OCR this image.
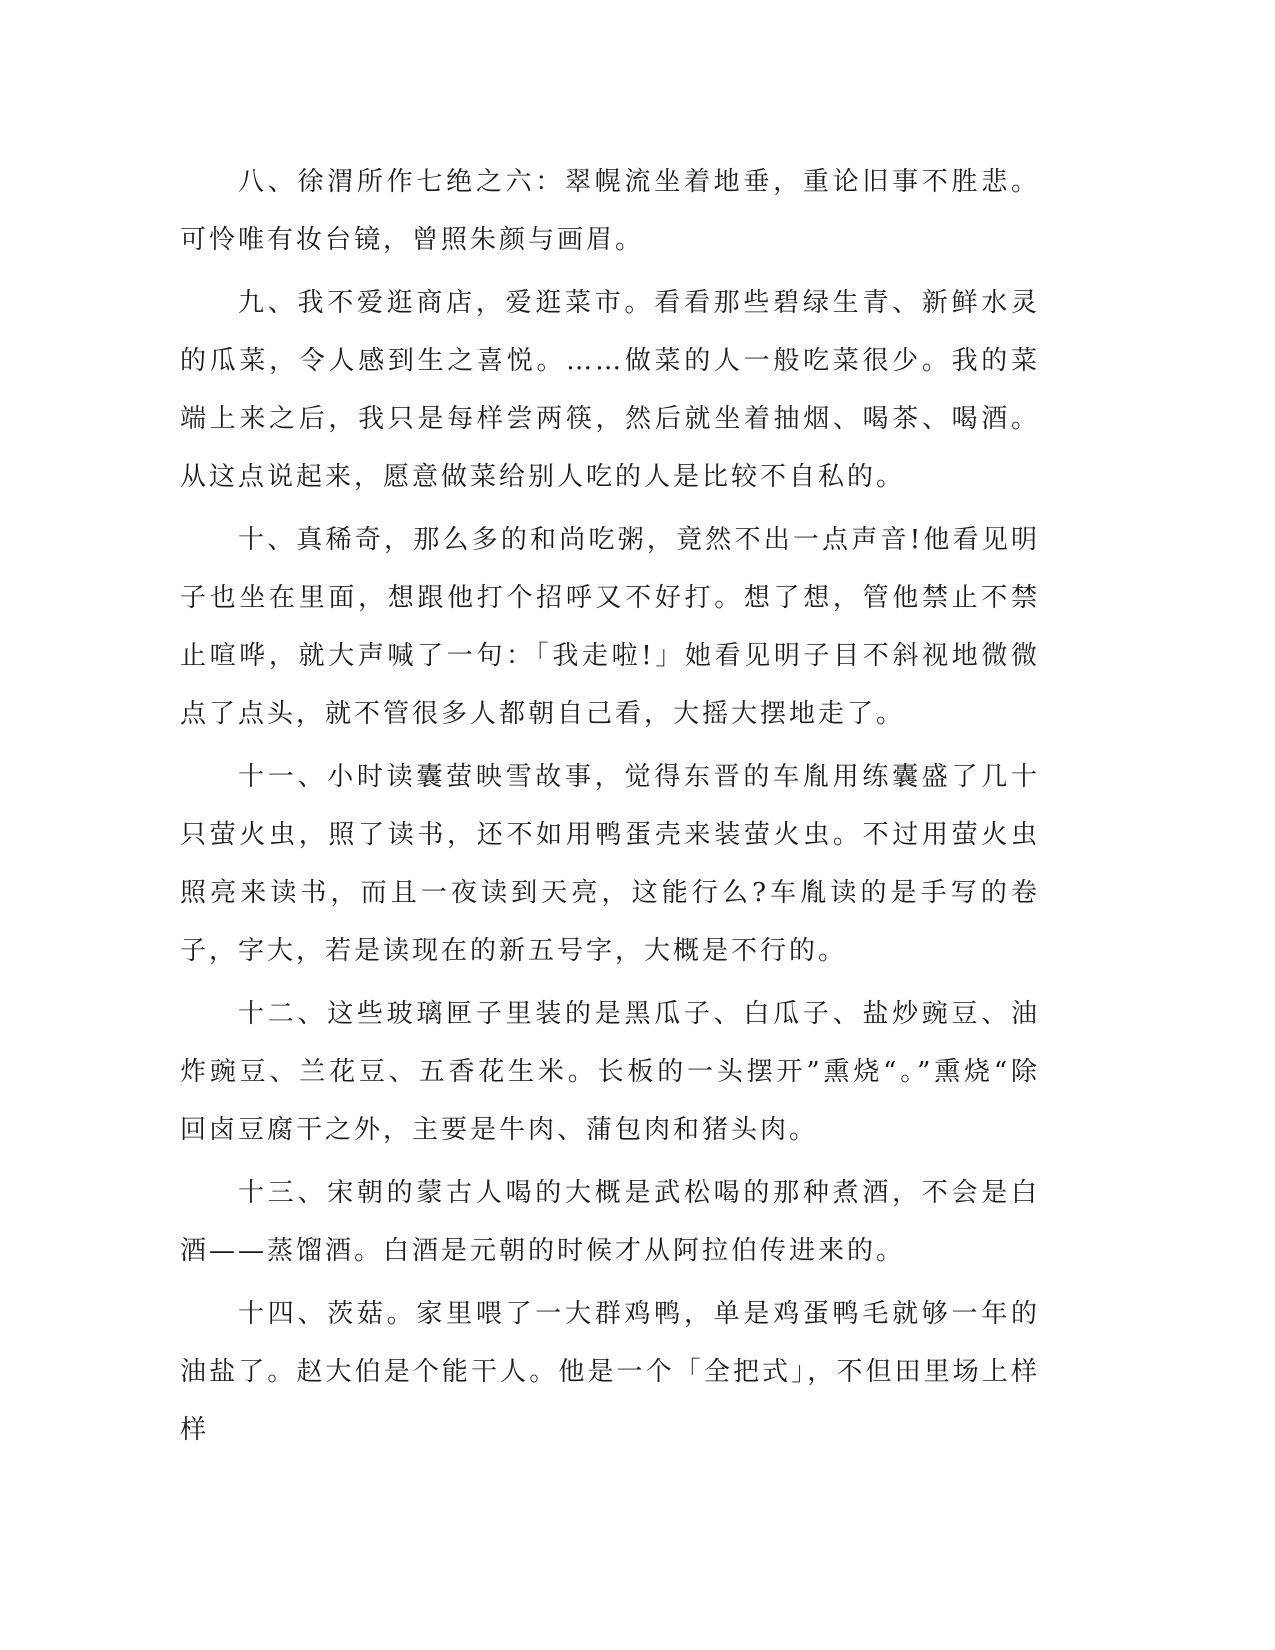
八、徐渭所作七绝之六：翠幌流坐着地垂，重论旧事不胜悲。可怜唯有妆台镜，曾照朱颜与画眉。

九、我不爱逛商店，爱逛菜市。看看那些碧绿生青、新鲜水灵的瓜菜，令人感到生之喜悦。……做菜的人一般吃菜很少。我的菜端上来之后，我只是每样尝两筷，然后就坐着抽烟、喝茶、喝酒。从这点说起来，愿意做菜给别人吃的人是比较不自私的。

十、真稀奇，那么多的和尚吃粥，竟然不出一点声音!他看见明子也坐在里面，想跟他打个招呼又不好打。想了想，管他禁止不禁止喧哗，就大声喊了一句：「我走啦!」她看见明子目不斜视地微微点了点头，就不管很多人都朝自己看，大摇大摆地走了。

十一、小时读囊萤映雪故事，觉得东晋的车胤用练囊盛了几十只萤火虫，照了读书，还不如用鸭蛋壳来装萤火虫。不过用萤火虫照亮来读书，而且一夜读到天亮，这能行么?车胤读的是手写的卷子，字大，若是读现在的新五号字，大概是不行的。

十二、这些玻璃匣子里装的是黑瓜子、白瓜子、盐炒豌豆、油炸豌豆、兰花豆、五香花生米。长板的一头摆开”熏烧“。”熏烧“除回卤豆腐干之外，主要是牛肉、蒲包肉和猪头肉。

十三、宋朝的蒙古人喝的大概是武松喝的那种煮酒，不会是白酒——蒸馏酒。白酒是元朝的时候才从阿拉伯传进来的。

十四、茨菇。家里喂了一大群鸡鸭，单是鸡蛋鸭毛就够一年的油盐了。赵大伯是个能干人。他是一个「全把式」，不但田里场上样样
